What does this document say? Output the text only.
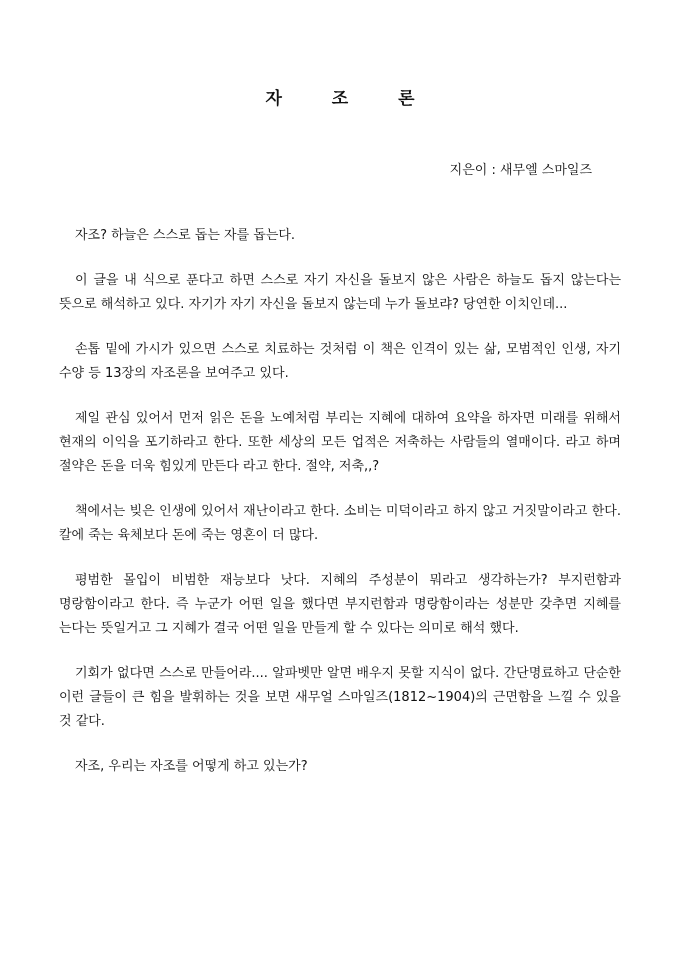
자 조 론
지은이 : 새무엘 스마일즈

자조? 하늘은 스스로 돕는 자를 돕는다.

이 글을 내 식으로 푼다고 하면 스스로 자기 자신을 돌보지 않은 사람은 하늘도 돕지 않는다는 뜻으로 해석하고 있다. 자기가 자기 자신을 돌보지 않는데 누가 돌보랴? 당연한 이치인데...

손톱 밑에 가시가 있으면 스스로 치료하는 것처럼 이 책은 인격이 있는 삶, 모범적인 인생, 자기 수양 등 13장의 자조론을 보여주고 있다.

제일 관심 있어서 먼저 읽은 돈을 노예처럼 부리는 지혜에 대하여 요약을 하자면 미래를 위해서 현재의 이익을 포기하라고 한다. 또한 세상의 모든 업적은 저축하는 사람들의 열매이다. 라고 하며 절약은 돈을 더욱 힘있게 만든다 라고 한다. 절약, 저축,,?

책에서는 빚은 인생에 있어서 재난이라고 한다. 소비는 미덕이라고 하지 않고 거짓말이라고 한다. 칼에 죽는 육체보다 돈에 죽는 영혼이 더 많다.

평범한 몰입이 비범한 재능보다 낫다. 지혜의 주성분이 뭐라고 생각하는가? 부지런함과 명랑함이라고 한다. 즉 누군가 어떤 일을 했다면 부지런함과 명랑함이라는 성분만 갖추면 지혜를 는다는 뜻일거고 그 지혜가 결국 어떤 일을 만들게 할 수 있다는 의미로 해석 했다.

기회가 없다면 스스로 만들어라.... 알파벳만 알면 배우지 못할 지식이 없다. 간단명료하고 단순한 이런 글들이 큰 힘을 발휘하는 것을 보면 새무얼 스마일즈(1812~1904)의 근면함을 느낄 수 있을 것 같다.

자조, 우리는 자조를 어떻게 하고 있는가?
